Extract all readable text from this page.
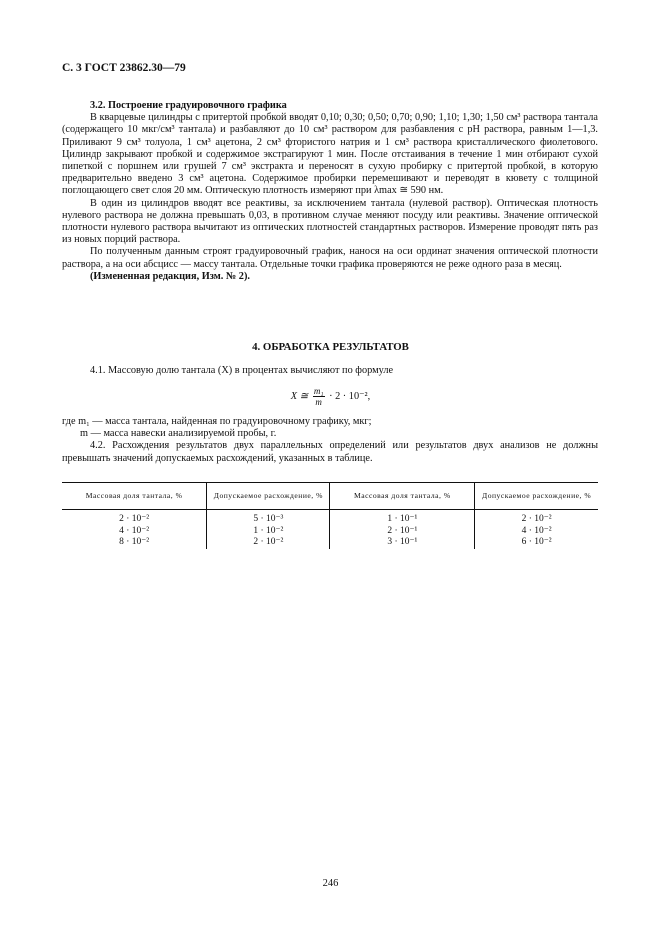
С. 3 ГОСТ 23862.30—79

3.2. Построение градуировочного графика

В кварцевые цилиндры с притертой пробкой вводят 0,10; 0,30; 0,50; 0,70; 0,90; 1,10; 1,30; 1,50 см³ раствора тантала (содержащего 10 мкг/см³ тантала) и разбавляют до 10 см³ раствором для разбавления с pH раствора, равным 1—1,3. Приливают 9 см³ толуола, 1 см³ ацетона, 2 см³ фтористого натрия и 1 см³ раствора кристаллического фиолетового. Цилиндр закрывают пробкой и содержимое экстрагируют 1 мин. После отстаивания в течение 1 мин отбирают сухой пипеткой с поршнем или грушей 7 см³ экстракта и переносят в сухую пробирку с притертой пробкой, в которую предварительно введено 3 см³ ацетона. Содержимое пробирки перемешивают и переводят в кювету с толщиной поглощающего свет слоя 20 мм. Оптическую плотность измеряют при λmax ≅ 590 нм.

В один из цилиндров вводят все реактивы, за исключением тантала (нулевой раствор). Оптическая плотность нулевого раствора не должна превышать 0,03, в противном случае меняют посуду или реактивы. Значение оптической плотности нулевого раствора вычитают из оптических плотностей стандартных растворов. Измерение проводят пять раз из новых порций раствора.

По полученным данным строят градуировочный график, нанося на оси ординат значения оптической плотности раствора, а на оси абсцисс — массу тантала. Отдельные точки графика проверяются не реже одного раза в месяц.

(Измененная редакция, Изм. № 2).

4. ОБРАБОТКА РЕЗУЛЬТАТОВ

4.1. Массовую долю тантала (X) в процентах вычисляют по формуле

X ≅ $\frac{\text{m₁}}{m} \cdot 2 \cdot 10^{-2}$,

где m₁ — масса тантала, найденная по градуировочному графику, мкг;

m — масса навески анализируемой пробы, г.

4.2. Расхождения результатов двух параллельных определений или результатов двух анализов не должны превышать значений допускаемых расхождений, указанных в таблице.

Массовая доля тантала, %	Допускаемое расхождение, %	Массовая доля тантала, %	Допускаемое расхождение, %
2 · 10⁻²	5 · 10⁻³	1 · 10⁻¹	2 · 10⁻²
4 · 10⁻²	1 · 10⁻²	2 · 10⁻¹	4 · 10⁻²
8 · 10⁻²	2 · 10⁻²	3 · 10⁻¹	6 · 10⁻²
246
